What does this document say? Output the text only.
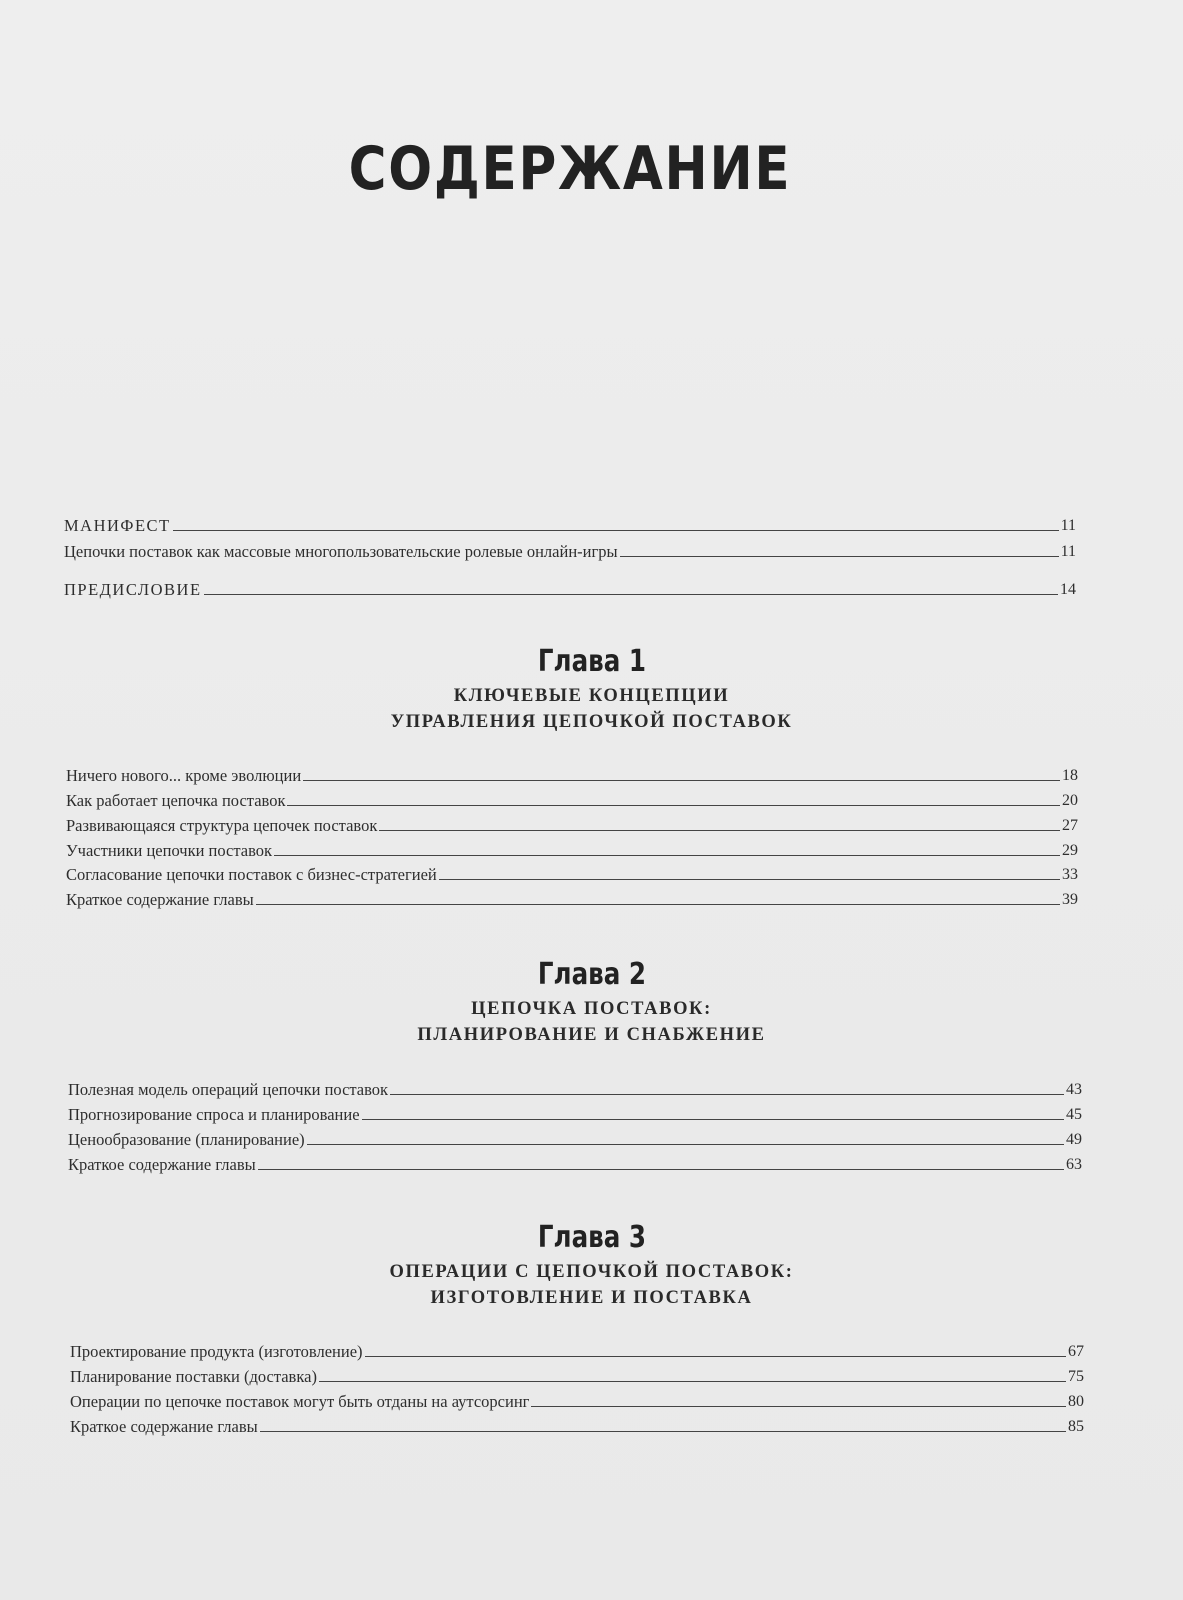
СОДЕРЖАНИЕ
МАНИФЕСТ	11
Цепочки поставок как массовые многопользовательские ролевые онлайн-игры	11
ПРЕДИСЛОВИЕ	14
Глава 1
КЛЮЧЕВЫЕ КОНЦЕПЦИИ
УПРАВЛЕНИЯ ЦЕПОЧКОЙ ПОСТАВОК
Ничего нового... кроме эволюции	18
Как работает цепочка поставок	20
Развивающаяся структура цепочек поставок	27
Участники цепочки поставок	29
Согласование цепочки поставок с бизнес-стратегией	33
Краткое содержание главы	39
Глава 2
ЦЕПОЧКА ПОСТАВОК:
ПЛАНИРОВАНИЕ И СНАБЖЕНИЕ
Полезная модель операций цепочки поставок	43
Прогнозирование спроса и планирование	45
Ценообразование (планирование)	49
Краткое содержание главы	63
Глава 3
ОПЕРАЦИИ С ЦЕПОЧКОЙ ПОСТАВОК:
ИЗГОТОВЛЕНИЕ И ПОСТАВКА
Проектирование продукта (изготовление)	67
Планирование поставки (доставка)	75
Операции по цепочке поставок могут быть отданы на аутсорсинг	80
Краткое содержание главы	85
